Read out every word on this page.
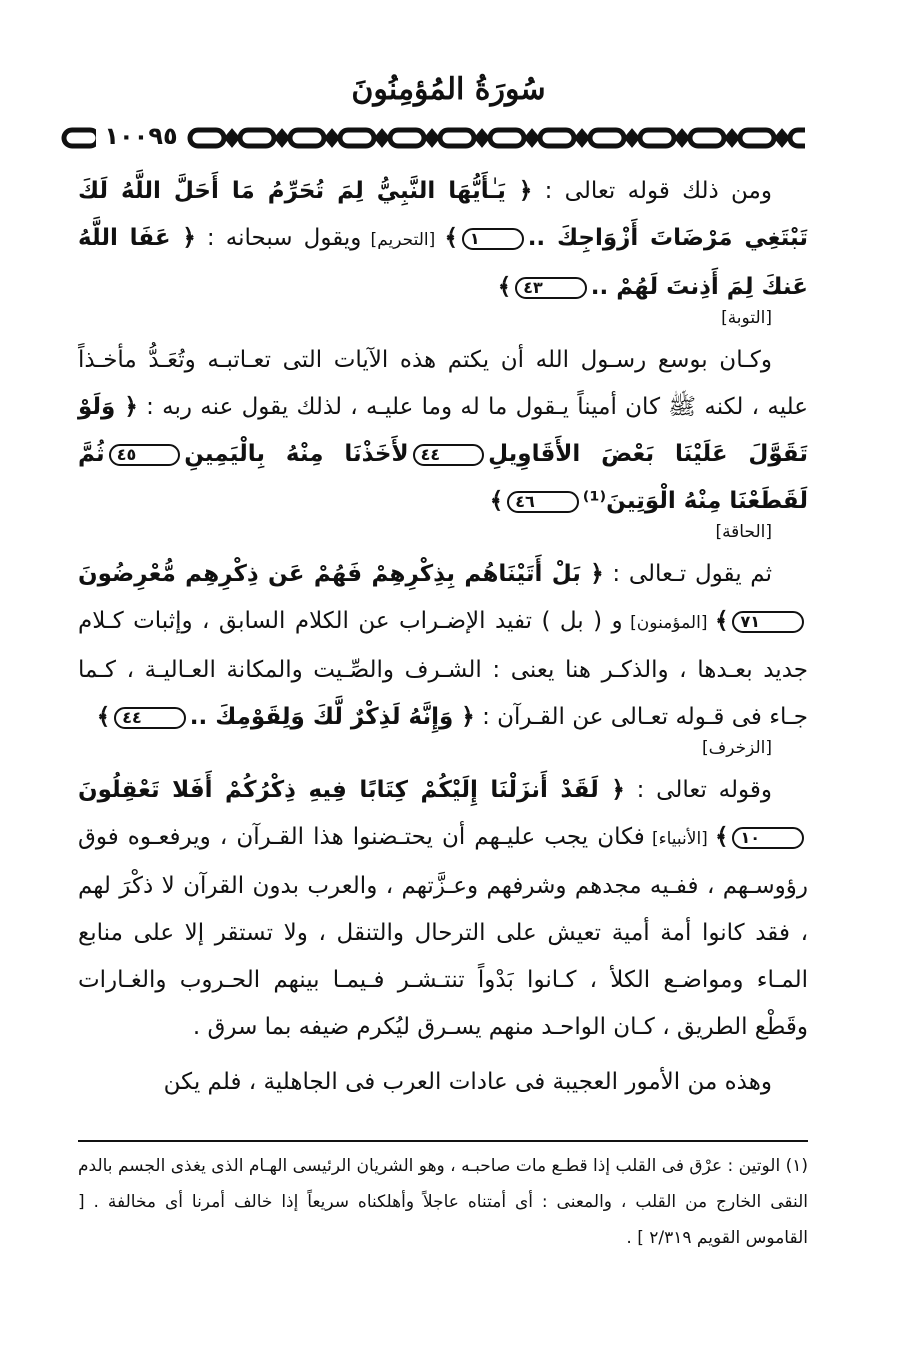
سُورَةُ المُؤمِنُونَ
١٠٠٩٥

ومن ذلك قوله تعالى : ﴿ يَـٰأَيُّهَا النَّبِيُّ لِمَ تُحَرِّمُ مَا أَحَلَّ اللَّهُ لَكَ تَبْتَغِي مَرْضَاتَ أَزْوَاجِكَ ..١﴾ [التحريم] ويقول سبحانه : ﴿ عَفَا اللَّهُ عَنكَ لِمَ أَذِنتَ لَهُمْ ..٤٣﴾
[التوبة]

وكـان بوسع رسـول الله أن يكتم هذه الآيات التى تعـاتبـه وتُعَـدُّ مأخـذاً عليه ، لكنه ﷺ كان أميناً يـقول ما له وما عليـه ، لذلك يقول عنه ربه : ﴿ وَلَوْ تَقَوَّلَ عَلَيْنَا بَعْضَ الأَقَاوِيلِ٤٤لأَخَذْنَا مِنْهُ بِالْيَمِينِ٤٥ثُمَّ لَقَطَعْنَا مِنْهُ الْوَتِينَ⁽¹⁾٤٦﴾
[الحاقة]

ثم يقول تـعالى : ﴿ بَلْ أَتَيْنَاهُم بِذِكْرِهِمْ فَهُمْ عَن ذِكْرِهِم مُّعْرِضُونَ٧١﴾ [المؤمنون] و ( بل ) تفيد الإضـراب عن الكلام السابق ، وإثبات كـلام جديد بعـدها ، والذكـر هنا يعنى : الشـرف والصِّـيت والمكانة العـاليـة ، كـما جـاء فى قـوله تعـالى عن القـرآن : ﴿ وَإِنَّهُ لَذِكْرٌ لَّكَ وَلِقَوْمِكَ ..٤٤﴾
[الزخرف]

وقوله تعالى : ﴿ لَقَدْ أَنزَلْنَا إِلَيْكُمْ كِتَابًا فِيهِ ذِكْرُكُمْ أَفَلا تَعْقِلُونَ١٠﴾ [الأنبياء] فكان يجب عليـهم أن يحتـضنوا هذا القـرآن ، ويرفعـوه فوق رؤوسـهم ، ففـيه مجدهم وشرفهم وعـزَّتهم ، والعرب بدون القرآن لا ذكْرَ لهم ، فقد كانوا أمة أمية تعيش على الترحال والتنقل ، ولا تستقر إلا على منابع المـاء ومواضـع الكلأ ، كـانوا بَدْواً تنتـشـر فـيمـا بينهم الحـروب والغـارات وقَطْع الطريق ، كـان الواحـد منهم يسـرق ليُكرم ضيفه بما سرق .

وهذه من الأمور العجيبة فى عادات العرب فى الجاهلية ، فلم يكن

(١) الوتين : عرْق فى القلب إذا قطـع مات صاحبـه ، وهو الشريان الرئيسى الهـام الذى يغذى الجسم بالدم النقى الخارج من القلب ، والمعنى : أى أمتناه عاجلاً وأهلكناه سريعاً إذا خالف أمرنا أى مخالفة . [ القاموس القويم ٢/٣١٩ ] .
